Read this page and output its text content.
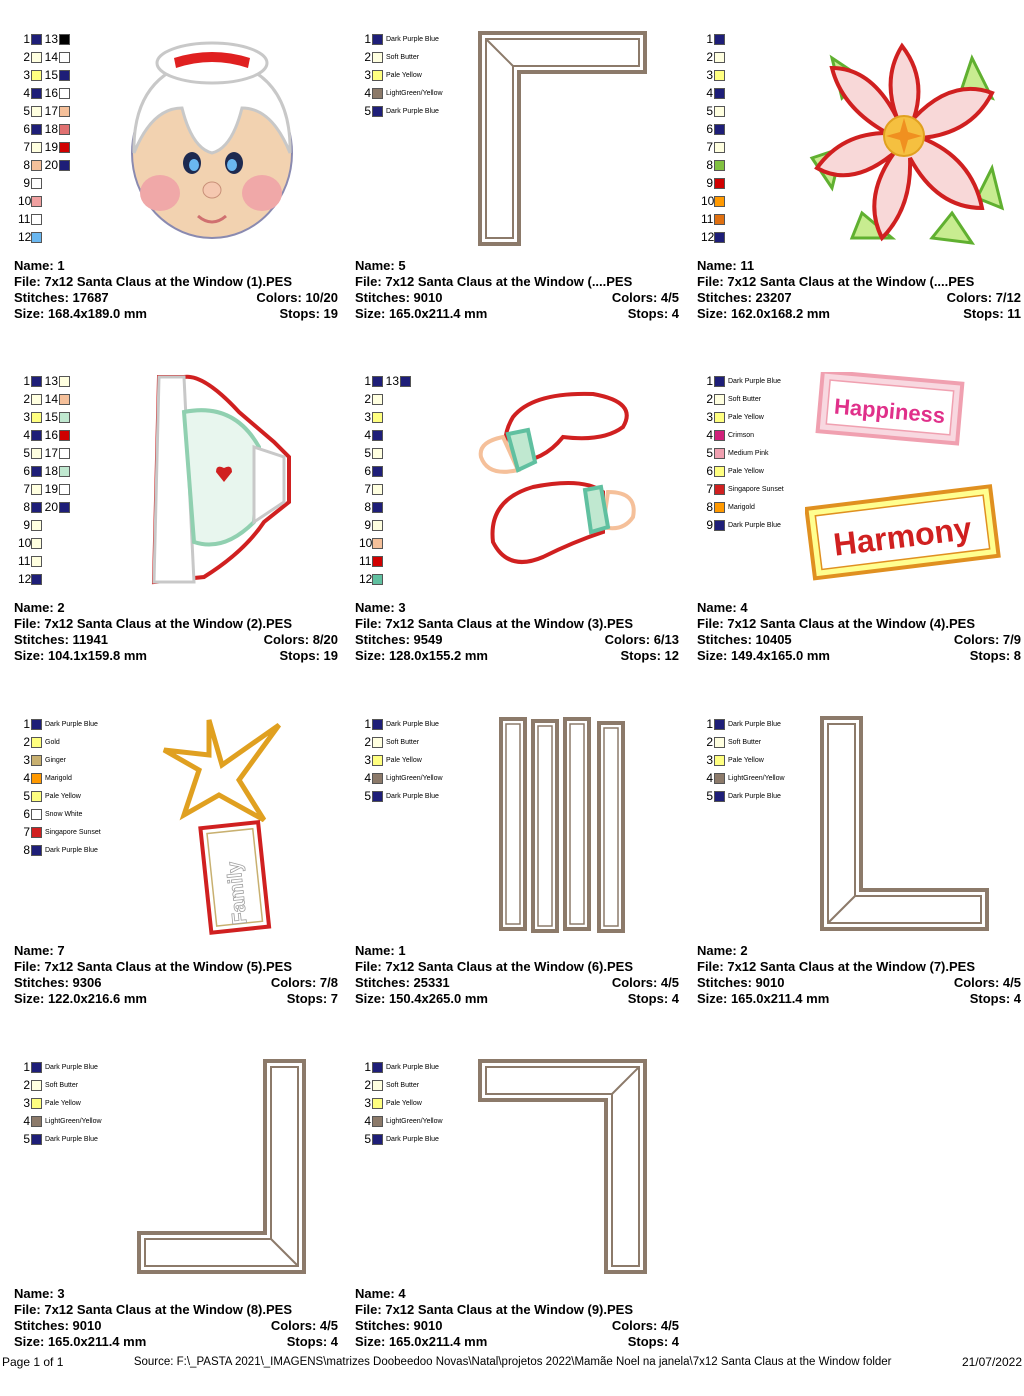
1 13
2 14
3 15
4 16
5 17
6 18
7 19
8 20
9
10
11
12
Name: 1
File: 7x12 Santa Claus at the Window (1).PES
Stitches: 17687	Colors: 10/20
Size: 168.4x189.0 mm	Stops: 19
1 Dark Purple Blue
2 Soft Butter
3 Pale Yellow
4 LightGreen/Yellow
5 Dark Purple Blue
Name: 5
File: 7x12 Santa Claus at the Window (....PES
Stitches: 9010	Colors: 4/5
Size: 165.0x211.4 mm	Stops: 4
1
2
3
4
5
6
7
8
9
10
11
12
Name: 11
File: 7x12 Santa Claus at the Window (....PES
Stitches: 23207	Colors: 7/12
Size: 162.0x168.2 mm	Stops: 11
1 13
2 14
3 15
4 16
5 17
6 18
7 19
8 20
9
10
11
12
Name: 2
File: 7x12 Santa Claus at the Window (2).PES
Stitches: 11941	Colors: 8/20
Size: 104.1x159.8 mm	Stops: 19
1 13
2
3
4
5
6
7
8
9
10
11
12
Name: 3
File: 7x12 Santa Claus at the Window (3).PES
Stitches: 9549	Colors: 6/13
Size: 128.0x155.2 mm	Stops: 12
1 Dark Purple Blue
2 Soft Butter
3 Pale Yellow
4 Crimson
5 Medium Pink
6 Pale Yellow
7 Singapore Sunset
8 Marigold
9 Dark Purple Blue
Happiness
Harmony
Name: 4
File: 7x12 Santa Claus at the Window (4).PES
Stitches: 10405	Colors: 7/9
Size: 149.4x165.0 mm	Stops: 8
1 Dark Purple Blue
2 Gold
3 Ginger
4 Marigold
5 Pale Yellow
6 Snow White
7 Singapore Sunset
8 Dark Purple Blue
Family
Name: 7
File: 7x12 Santa Claus at the Window (5).PES
Stitches: 9306	Colors: 7/8
Size: 122.0x216.6 mm	Stops: 7
1 Dark Purple Blue
2 Soft Butter
3 Pale Yellow
4 LightGreen/Yellow
5 Dark Purple Blue
Name: 1
File: 7x12 Santa Claus at the Window (6).PES
Stitches: 25331	Colors: 4/5
Size: 150.4x265.0 mm	Stops: 4
1 Dark Purple Blue
2 Soft Butter
3 Pale Yellow
4 LightGreen/Yellow
5 Dark Purple Blue
Name: 2
File: 7x12 Santa Claus at the Window (7).PES
Stitches: 9010	Colors: 4/5
Size: 165.0x211.4 mm	Stops: 4
1 Dark Purple Blue
2 Soft Butter
3 Pale Yellow
4 LightGreen/Yellow
5 Dark Purple Blue
Name: 3
File: 7x12 Santa Claus at the Window (8).PES
Stitches: 9010	Colors: 4/5
Size: 165.0x211.4 mm	Stops: 4
1 Dark Purple Blue
2 Soft Butter
3 Pale Yellow
4 LightGreen/Yellow
5 Dark Purple Blue
Name: 4
File: 7x12 Santa Claus at the Window (9).PES
Stitches: 9010	Colors: 4/5
Size: 165.0x211.4 mm	Stops: 4
Page 1 of 1	Source: F:\_PASTA 2021\_IMAGENS\matrizes Doobeedoo Novas\Natal\projetos 2022\Mamãe Noel na janela\7x12 Santa Claus at the Window folder	21/07/2022
